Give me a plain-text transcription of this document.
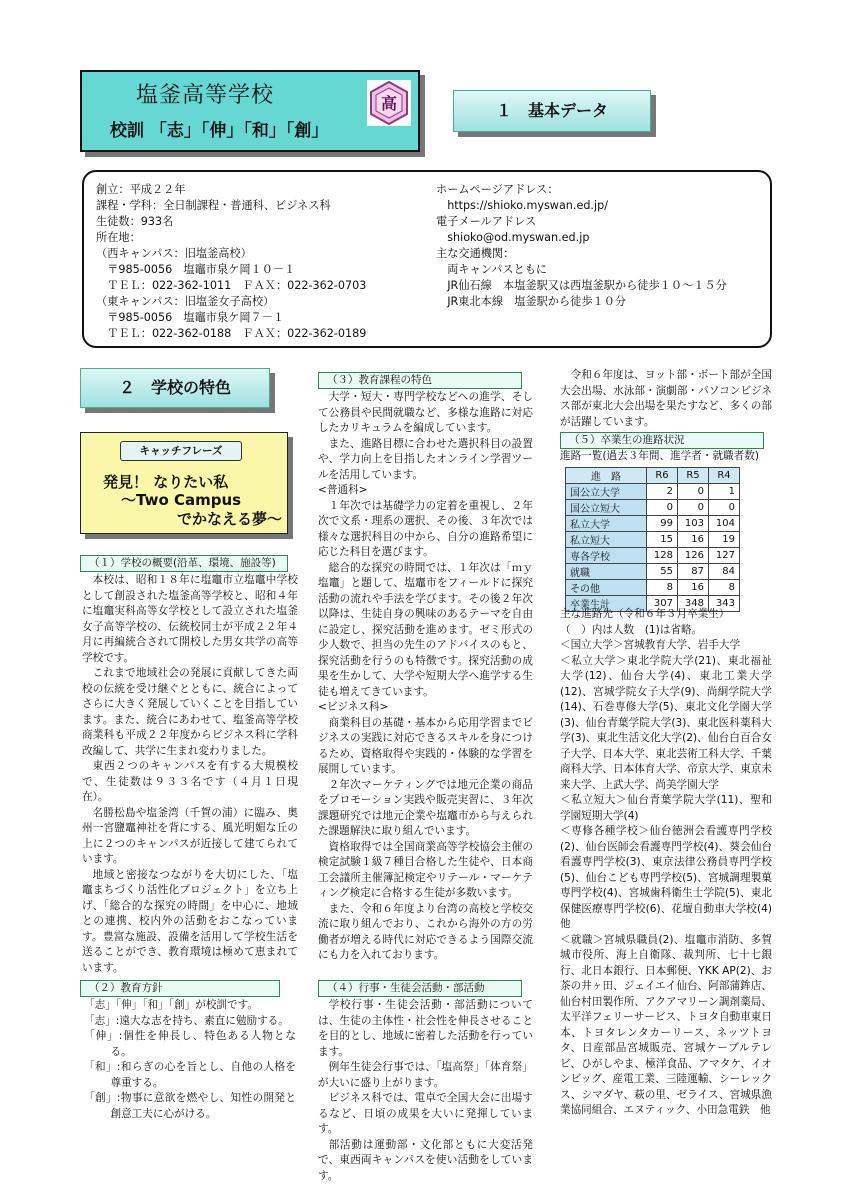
塩釜高等学校
校訓 「志」「伸」「和」「創」
高	１　基本データ
創立：平成２２年
課程・学科：全日制課程・普通科、ビジネス科
生徒数：933名
所在地：
（西キャンパス：旧塩釜高校）
　〒985-0056　塩竈市泉ケ岡１０－１
　ＴＥＬ：022-362-1011　ＦＡＸ：022-362-0703
（東キャンパス：旧塩釜女子高校）
　〒985-0056　塩竈市泉ケ岡７－１
　ＴＥＬ：022-362-0188　ＦＡＸ：022-362-0189
ホームページアドレス：
　https://shioko.myswan.ed.jp/
電子メールアドレス
　shioko@od.myswan.ed.jp
主な交通機関：
　両キャンパスともに
　JR仙石線　本塩釜駅又は西塩釜駅から徒歩１０～１５分
　JR東北本線　塩釜駅から徒歩１０分
２　学校の特色
発見！ なりたい私
～Two Campus
でかなえる夢～
キャッチフレーズ
（１）学校の概要(沿革、環境、施設等)

本校は、昭和１８年に塩竈市立塩竈中学校として創設された塩釜高等学校と、昭和４年に塩竈実科高等女学校として設立された塩釜女子高等学校の、伝統校同士が平成２２年４月に再編統合されて開校した男女共学の高等学校です。

これまで地域社会の発展に貢献してきた両校の伝統を受け継ぐとともに、統合によってさらに大きく発展していくことを目指しています。また、統合にあわせて、塩釜高等学校商業科も平成２２年度からビジネス科に学科改編して、共学に生まれ変わりました。

東西２つのキャンパスを有する大規模校で、生徒数は９３３名です（４月１日現在）。

名勝松島や塩釜湾（千賀の浦）に臨み、奥州一宮鹽竈神社を背にする、風光明媚な丘の上に２つのキャンパスが近接して建てられています。

地域と密接なつながりを大切にした、「塩竈まちづくり活性化プロジェクト」を立ち上げ、「総合的な探究の時間」を中心に、地域との連携、校内外の活動をおこなっています。豊富な施設、設備を活用して学校生活を送ることができ、教育環境は極めて恵まれています。

（２）教育方針

「志」「伸」「和」「創」が校訓です。

「志」:遠大な志を持ち、素直に勉励する。

「伸」:個性を伸長し、特色ある人物となる。

「和」:和らぎの心を旨とし、自他の人格を尊重する。

「創」:物事に意欲を燃やし、知性の開発と創意工夫に心がける。

（３）教育課程の特色

大学・短大・専門学校などへの進学、そして公務員や民間就職など、多様な進路に対応したカリキュラムを編成しています。

また、進路目標に合わせた選択科目の設置や、学力向上を目指したオンライン学習ツールを活用しています。

<普通科>

１年次では基礎学力の定着を重視し、２年次で文系・理系の選択、その後、３年次では様々な選択科目の中から、自分の進路希望に応じた科目を選びます。

総合的な探究の時間では、１年次は「ｍｙ塩竈」と題して、塩竈市をフィールドに探究活動の流れや手法を学びます。その後２年次以降は、生徒自身の興味のあるテーマを自由に設定し、探究活動を進めます。ゼミ形式の少人数で、担当の先生のアドバイスのもと、探究活動を行うのも特徴です。探究活動の成果を生かして、大学や短期大学へ進学する生徒も増えてきています。

<ビジネス科>

商業科目の基礎・基本から応用学習までビジネスの実践に対応できるスキルを身につけるため、資格取得や実践的・体験的な学習を展開しています。

２年次マーケティングでは地元企業の商品をプロモーション実践や販売実習に、３年次課題研究では地元企業や塩竈市から与えられた課題解決に取り組んでいます。

資格取得では全国商業高等学校協会主催の検定試験１級７種目合格した生徒や、日本商工会議所主催簿記検定やリテール・マーケティング検定に合格する生徒が多数います。

また、令和６年度より台湾の高校と学校交流に取り組んでおり、これから海外の方の労働者が増える時代に対応できるよう国際交流にも力を入れております。

（４）行事・生徒会活動・部活動

学校行事・生徒会活動・部活動については、生徒の主体性・社会性を伸長させることを目的とし、地域に密着した活動を行っています。

例年生徒会行事では、「塩高祭」「体育祭」が大いに盛り上がります。

ビジネス科では、電卓で全国大会に出場するなど、日頃の成果を大いに発揮しています。

部活動は運動部・文化部ともに大変活発で、東西両キャンパスを使い活動をしています。

令和６年度は、ヨット部・ボート部が全国大会出場、水泳部・演劇部・パソコンビジネス部が東北大会出場を果たすなど、多くの部が活躍しています。

（５）卒業生の進路状況

進路一覧(過去３年間、進学者・就職者数)

進　路	R6	R5	R4
国公立大学	2	0	1
国公立短大	0	0	0
私立大学	99	103	104
私立短大	15	16	19
専各学校	128	126	127
就職	55	87	84
その他	8	16	8
卒業生計	307	348	343

主な進路先（令和６年３月卒業生）

（　）内は人数　(1)は省略。

＜国立大学＞宮城教育大学、岩手大学

＜私立大学＞東北学院大学(21)、東北福祉大学(12)、仙台大学(4)、東北工業大学(12)、宮城学院女子大学(9)、尚絅学院大学(14)、石巻専修大学(5)、東北文化学園大学(3)、仙台青葉学院大学(3)、東北医科薬科大学(3)、東北生活文化大学(2)、仙台白百合女子大学、日本大学、東北芸術工科大学、千葉商科大学、日本体育大学、帝京大学、東京未来大学、上武大学、尚美学園大学

＜私立短大＞仙台青葉学院大学(11)、聖和学園短期大学(4)

＜専修各種学校＞仙台徳洲会看護専門学校(2)、仙台医師会看護専門学校(4)、葵会仙台看護専門学校(3)、東京法律公務員専門学校(5)、仙台こども専門学校(5)、宮城調理製菓専門学校(4)、宮城歯科衛生士学院(5)、東北保健医療専門学校(6)、花壇自動車大学校(4)他

＜就職＞宮城県職員(2)、塩竈市消防、多賀城市役所、海上自衛隊、裁判所、七十七銀行、北日本銀行、日本郵便、YKK AP(2)、お茶の井ヶ田、ジェイエイ仙台、阿部蒲鉾店、仙台村田製作所、アクアマリーン調剤薬局、太平洋フェリーサービス、トヨタ自動車東日本、トヨタレンタカーリース、ネッツトヨタ、日産部品宮城販売、宮城ケーブルテレビ、ひがしやま、極洋食品、アマタケ、イオンビッグ、産電工業、三陸運輸、シーレックス、シマダヤ、萩の里、ゼライス、宮城県漁業協同組合、エヌティック、小田急電鉄　他
